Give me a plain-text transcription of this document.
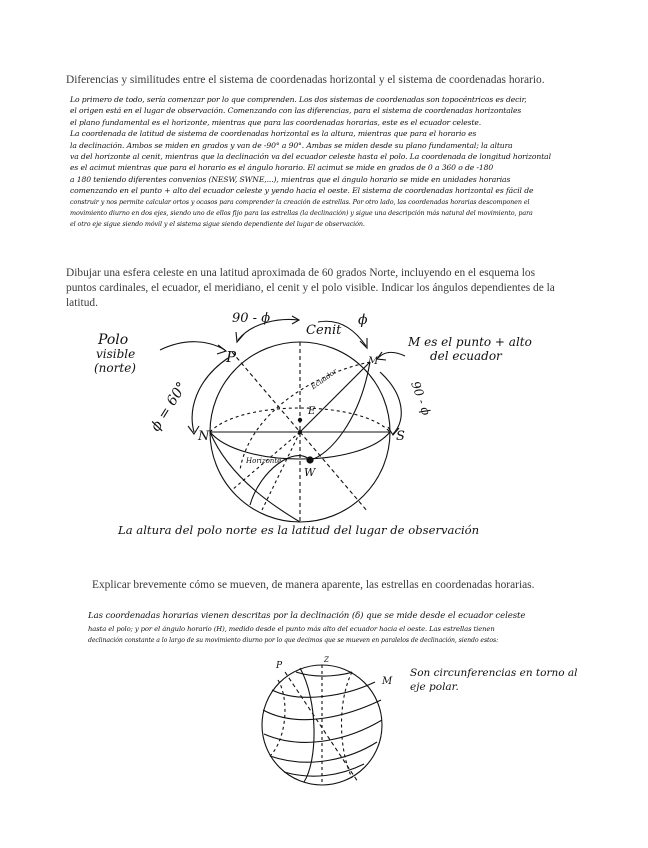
Diferencias y similitudes entre el sistema de coordenadas horizontal y el sistema de coordenadas horario.

Lo primero de todo, sería comenzar por lo que comprenden. Los dos sistemas de coordenadas son topocéntricos es decir,

el origen está en el lugar de observación. Comenzando con las diferencias, para el sistema de coordenadas horizontales

el plano fundamental es el horizonte, mientras que para las coordenadas horarias, este es el ecuador celeste.

La coordenada de latitud de sistema de coordenadas horizontal es la altura, mientras que para el horario es

la declinación. Ambos se miden en grados y van de -90° a 90°. Ambas se miden desde su plano fundamental; la altura

va del horizonte al cenit, mientras que la declinación va del ecuador celeste hasta el polo. La coordenada de longitud horizontal

es el acimut mientras que para el horario es el ángulo horario. El acimut se mide en grados de 0 a 360 o de -180

a 180 teniendo diferentes convenios (NESW, SWNE,...), mientras que el ángulo horario se mide en unidades horarias

comenzando en el punto + alto del ecuador celeste y yendo hacia el oeste. El sistema de coordenadas horizontal es fácil de

construir y nos permite calcular ortos y ocasos para comprender la creación de estrellas. Por otro lado, las coordenadas horarias descomponen el

movimiento diurno en dos ejes, siendo uno de ellos fijo para las estrellas (la declinación) y sigue una descripción más natural del movimiento, para

el otro eje sigue siendo móvil y el sistema sigue siendo dependiente del lugar de observación.

Dibujar una esfera celeste en una latitud aproximada de 60 grados Norte, incluyendo en el esquema los puntos cardinales, el ecuador, el meridiano, el cenit y el polo visible. Indicar los ángulos dependientes de la latitud.
Polo
visible
(norte)
P
90 - ϕ
Cenit
ϕ
M es el punto + alto
del ecuador
M
ϕ = 60°
Ecuador
E
N	S
90 - ϕ
Horizonte
W
La altura del polo norte es la latitud del lugar de observación
Explicar brevemente cómo se mueven, de manera aparente, las estrellas en coordenadas horarias.

Las coordenadas horarias vienen descritas por la declinación (δ) que se mide desde el ecuador celeste

hasta el polo; y por el ángulo horario (H), medido desde el punto más alto del ecuador hacia el oeste. Las estrellas tienen

declinación constante a lo largo de su movimiento diurno por lo que decimos que se mueven en paralelos de declinación, siendo estos:

P
Z
M
Son circunferencias en torno al
eje polar.
